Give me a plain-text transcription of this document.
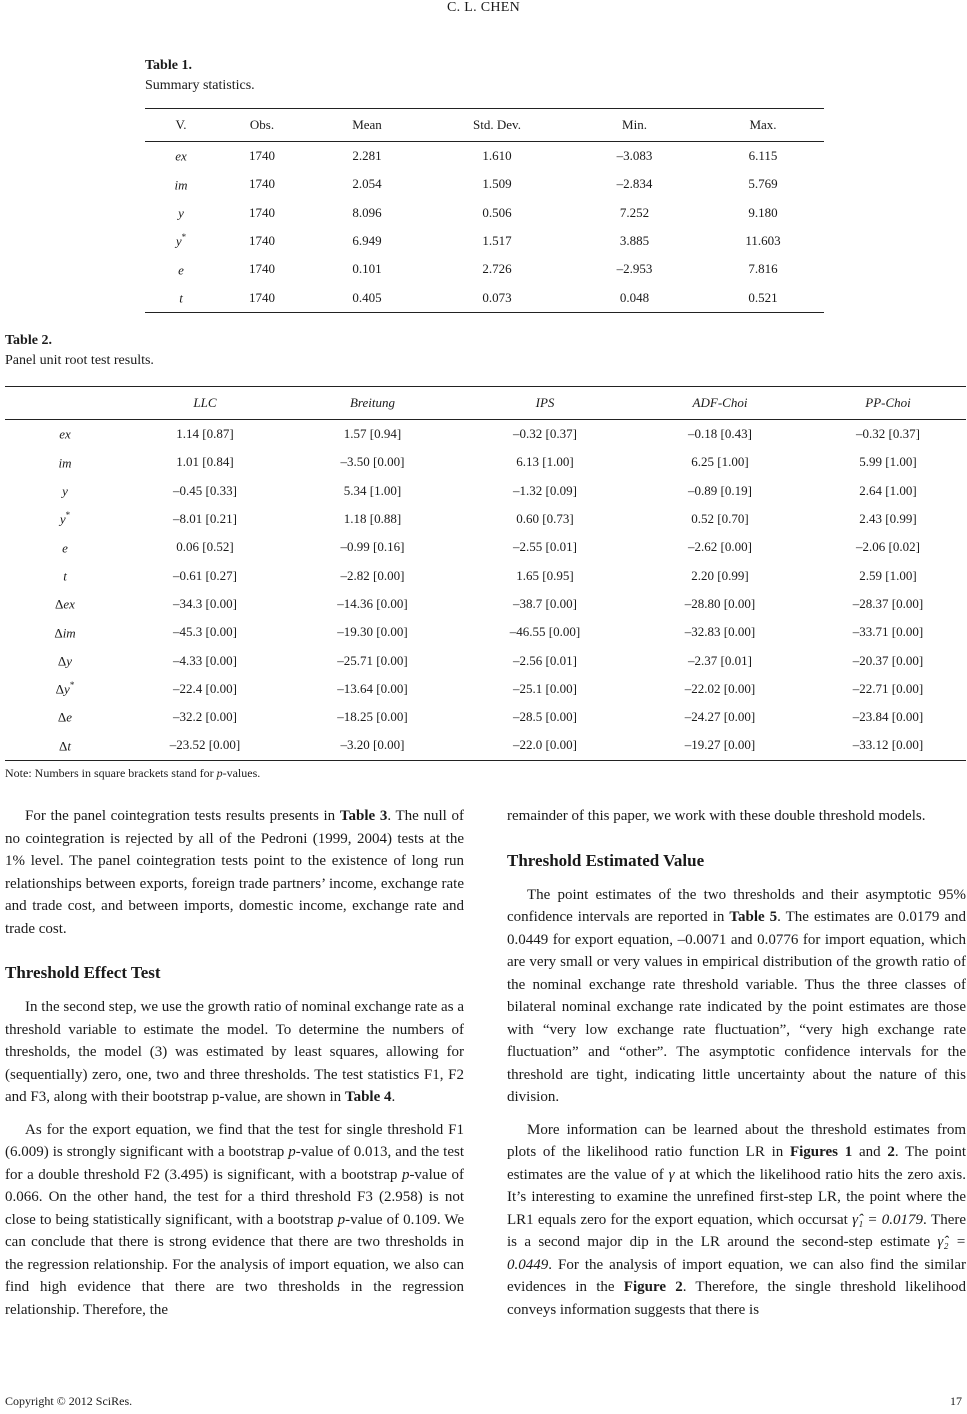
C. L. CHEN
Table 1.
Summary statistics.
V.	Obs.	Mean	Std. Dev.	Min.	Max.
ex	1740	2.281	1.610	–3.083	6.115
im	1740	2.054	1.509	–2.834	5.769
y	1740	8.096	0.506	7.252	9.180
y*	1740	6.949	1.517	3.885	11.603
e	1740	0.101	2.726	–2.953	7.816
t	1740	0.405	0.073	0.048	0.521
Table 2.
Panel unit root test results.
	LLC	Breitung	IPS	ADF-Choi	PP-Choi
ex	1.14 [0.87]	1.57 [0.94]	–0.32 [0.37]	–0.18 [0.43]	–0.32 [0.37]
im	1.01 [0.84]	–3.50 [0.00]	6.13 [1.00]	6.25 [1.00]	5.99 [1.00]
y	–0.45 [0.33]	5.34 [1.00]	–1.32 [0.09]	–0.89 [0.19]	2.64 [1.00]
y*	–8.01 [0.21]	1.18 [0.88]	0.60 [0.73]	0.52 [0.70]	2.43 [0.99]
e	0.06 [0.52]	–0.99 [0.16]	–2.55 [0.01]	–2.62 [0.00]	–2.06 [0.02]
t	–0.61 [0.27]	–2.82 [0.00]	1.65 [0.95]	2.20 [0.99]	2.59 [1.00]
Δex	–34.3 [0.00]	–14.36 [0.00]	–38.7 [0.00]	–28.80 [0.00]	–28.37 [0.00]
Δim	–45.3 [0.00]	–19.30 [0.00]	–46.55 [0.00]	–32.83 [0.00]	–33.71 [0.00]
Δy	–4.33 [0.00]	–25.71 [0.00]	–2.56 [0.01]	–2.37 [0.01]	–20.37 [0.00]
Δy*	–22.4 [0.00]	–13.64 [0.00]	–25.1 [0.00]	–22.02 [0.00]	–22.71 [0.00]
Δe	–32.2 [0.00]	–18.25 [0.00]	–28.5 [0.00]	–24.27 [0.00]	–23.84 [0.00]
Δt	–23.52 [0.00]	–3.20 [0.00]	–22.0 [0.00]	–19.27 [0.00]	–33.12 [0.00]
Note: Numbers in square brackets stand for p-values.

For the panel cointegration tests results presents in Table 3. The null of no cointegration is rejected by all of the Pedroni (1999, 2004) tests at the 1% level. The panel cointegration tests point to the existence of long run relationships between exports, foreign trade partners’ income, exchange rate and trade cost, and between imports, domestic income, exchange rate and trade cost.

Threshold Effect Test

In the second step, we use the growth ratio of nominal exchange rate as a threshold variable to estimate the model. To determine the numbers of thresholds, the model (3) was estimated by least squares, allowing for (sequentially) zero, one, two and three thresholds. The test statistics F1, F2 and F3, along with their bootstrap p-value, are shown in Table 4.

As for the export equation, we find that the test for single threshold F1 (6.009) is strongly significant with a bootstrap p-value of 0.013, and the test for a double threshold F2 (3.495) is significant, with a bootstrap p-value of 0.066. On the other hand, the test for a third threshold F3 (2.958) is not close to being statistically significant, with a bootstrap p-value of 0.109. We can conclude that there is strong evidence that there are two thresholds in the regression relationship. For the analysis of import equation, we also can find high evidence that there are two thresholds in the regression relationship. Therefore, the

remainder of this paper, we work with these double threshold models.

Threshold Estimated Value

The point estimates of the two thresholds and their asymptotic 95% confidence intervals are reported in Table 5. The estimates are 0.0179 and 0.0449 for export equation, –0.0071 and 0.0776 for import equation, which are very small or very values in empirical distribution of the growth ratio of the nominal exchange rate threshold variable. Thus the three classes of bilateral nominal exchange rate indicated by the point estimates are those with “very low exchange rate fluctuation”, “very high exchange rate fluctuation” and “other”. The asymptotic confidence intervals for the threshold are tight, indicating little uncertainty about the nature of this division.

More information can be learned about the threshold estimates from plots of the likelihood ratio function LR in Figures 1 and 2. The point estimates are the value of γ at which the likelihood ratio hits the zero axis. It’s interesting to examine the unrefined first-step LR, the point where the LR1 equals zero for the export equation, which occursat γ̂₁ = 0.0179. There is a second major dip in the LR around the second-step estimate γ̂₂ = 0.0449. For the analysis of import equation, we can also find the similar evidences in the Figure 2. Therefore, the single threshold likelihood conveys information suggests that there is

Copyright © 2012 SciRes.	17
